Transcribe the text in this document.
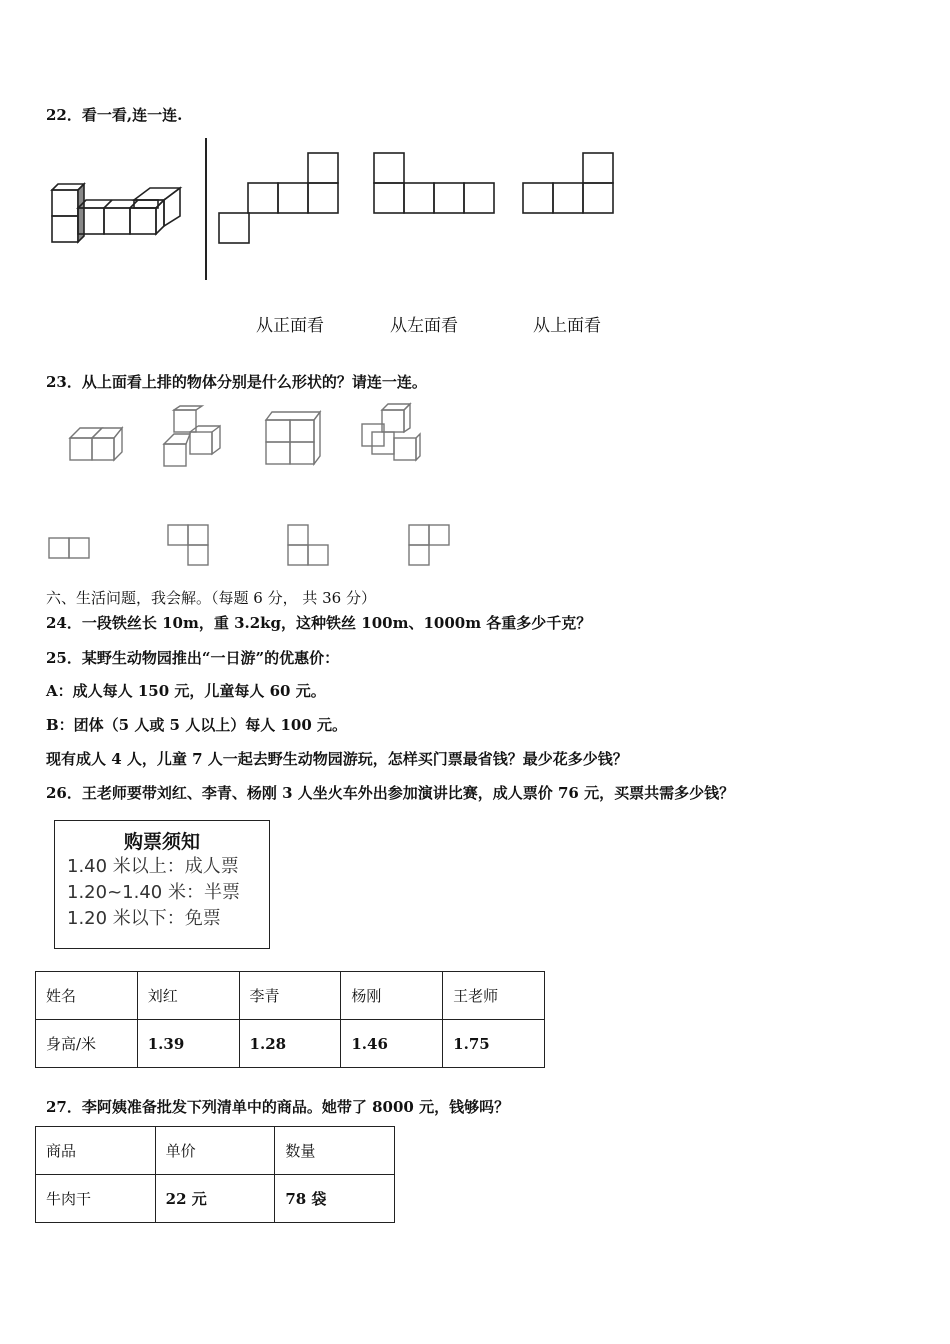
22．看一看,连一连.
从正面看	从左面看	从上面看
23．从上面看上排的物体分别是什么形状的？请连一连。
六、生活问题，我会解。（每题 6 分， 共 36 分）
24．一段铁丝长 10m，重 3.2kg，这种铁丝 100m、1000m 各重多少千克？
25．某野生动物园推出“一日游”的优惠价：
A：成人每人 150 元，儿童每人 60 元。
B：团体（5 人或 5 人以上）每人 100 元。
现有成人 4 人，儿童 7 人一起去野生动物园游玩，怎样买门票最省钱？最少花多少钱？
26．王老师要带刘红、李青、杨刚 3 人坐火车外出参加演讲比赛，成人票价 76 元，买票共需多少钱？
购票须知
1.40 米以上：成人票
1.20~1.40 米：半票
1.20 米以下：免票
姓名	刘红	李青	杨刚	王老师
身高/米	1.39	1.28	1.46	1.75
27．李阿姨准备批发下列清单中的商品。她带了 8000 元，钱够吗？
商品	单价	数量
牛肉干	22 元	78 袋
